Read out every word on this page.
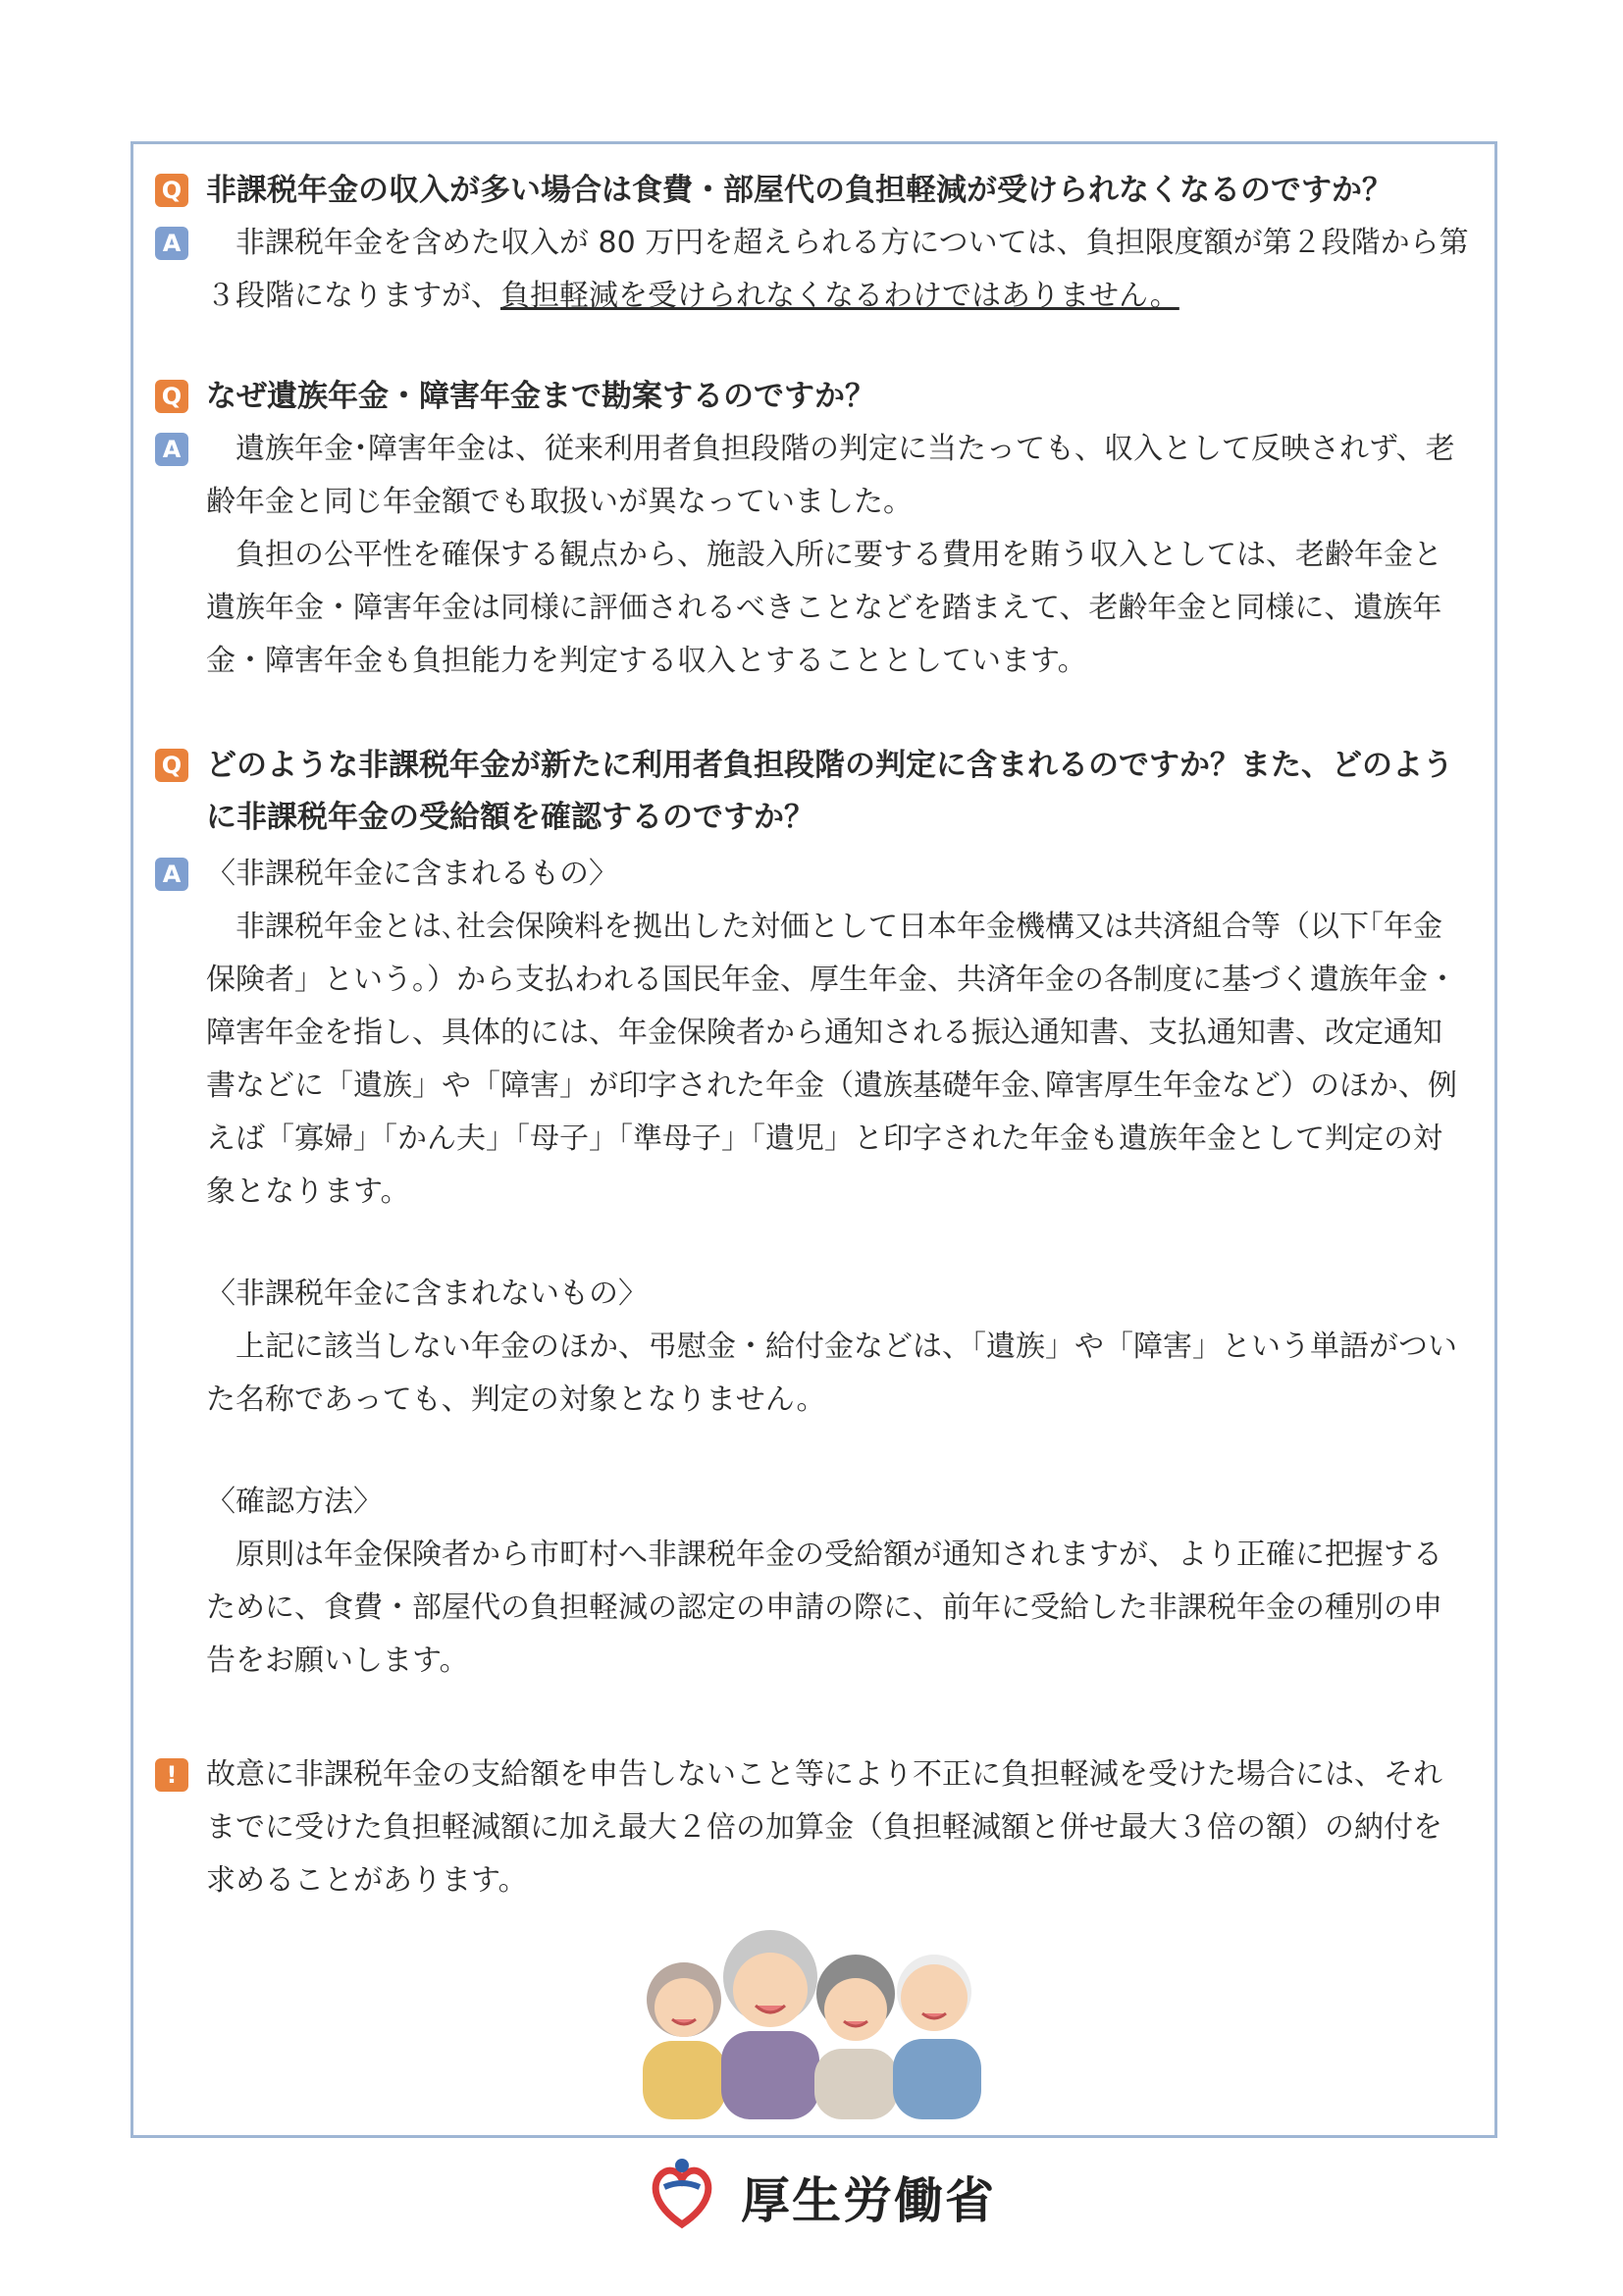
Q 非課税年金の収入が多い場合は食費・部屋代の負担軽減が受けられなくなるのですか？

A	非課税年金を含めた収入が 80 万円を超えられる方については、負担限度額が第２段階から第３段階になりますが、負担軽減を受けられなくなるわけではありません。

Q なぜ遺族年金・障害年金まで勘案するのですか？

A	遺族年金･障害年金は、従来利用者負担段階の判定に当たっても、収入として反映されず、老齢年金と同じ年金額でも取扱いが異なっていました。

負担の公平性を確保する観点から、施設入所に要する費用を賄う収入としては、老齢年金と遺族年金・障害年金は同様に評価されるべきことなどを踏まえて、老齢年金と同様に、遺族年金・障害年金も負担能力を判定する収入とすることとしています。

Q どのような非課税年金が新たに利用者負担段階の判定に含まれるのですか？また、どのように非課税年金の受給額を確認するのですか？

A 〈非課税年金に含まれるもの〉

非課税年金とは､社会保険料を拠出した対価として日本年金機構又は共済組合等（以下｢年金保険者」という。）から支払われる国民年金、厚生年金、共済年金の各制度に基づく遺族年金・障害年金を指し、具体的には、年金保険者から通知される振込通知書、支払通知書、改定通知書などに「遺族」や「障害」が印字された年金（遺族基礎年金､障害厚生年金など）のほか、例えば「寡婦」「かん夫」「母子」「準母子」「遺児」と印字された年金も遺族年金として判定の対象となります。

〈非課税年金に含まれないもの〉

上記に該当しない年金のほか、弔慰金・給付金などは、「遺族」や「障害」という単語がついた名称であっても、判定の対象となりません。

〈確認方法〉

原則は年金保険者から市町村へ非課税年金の受給額が通知されますが、より正確に把握するために、食費・部屋代の負担軽減の認定の申請の際に、前年に受給した非課税年金の種別の申告をお願いします。

! 故意に非課税年金の支給額を申告しないこと等により不正に負担軽減を受けた場合には、それまでに受けた負担軽減額に加え最大２倍の加算金（負担軽減額と併せ最大３倍の額）の納付を求めることがあります。

厚生労働省
